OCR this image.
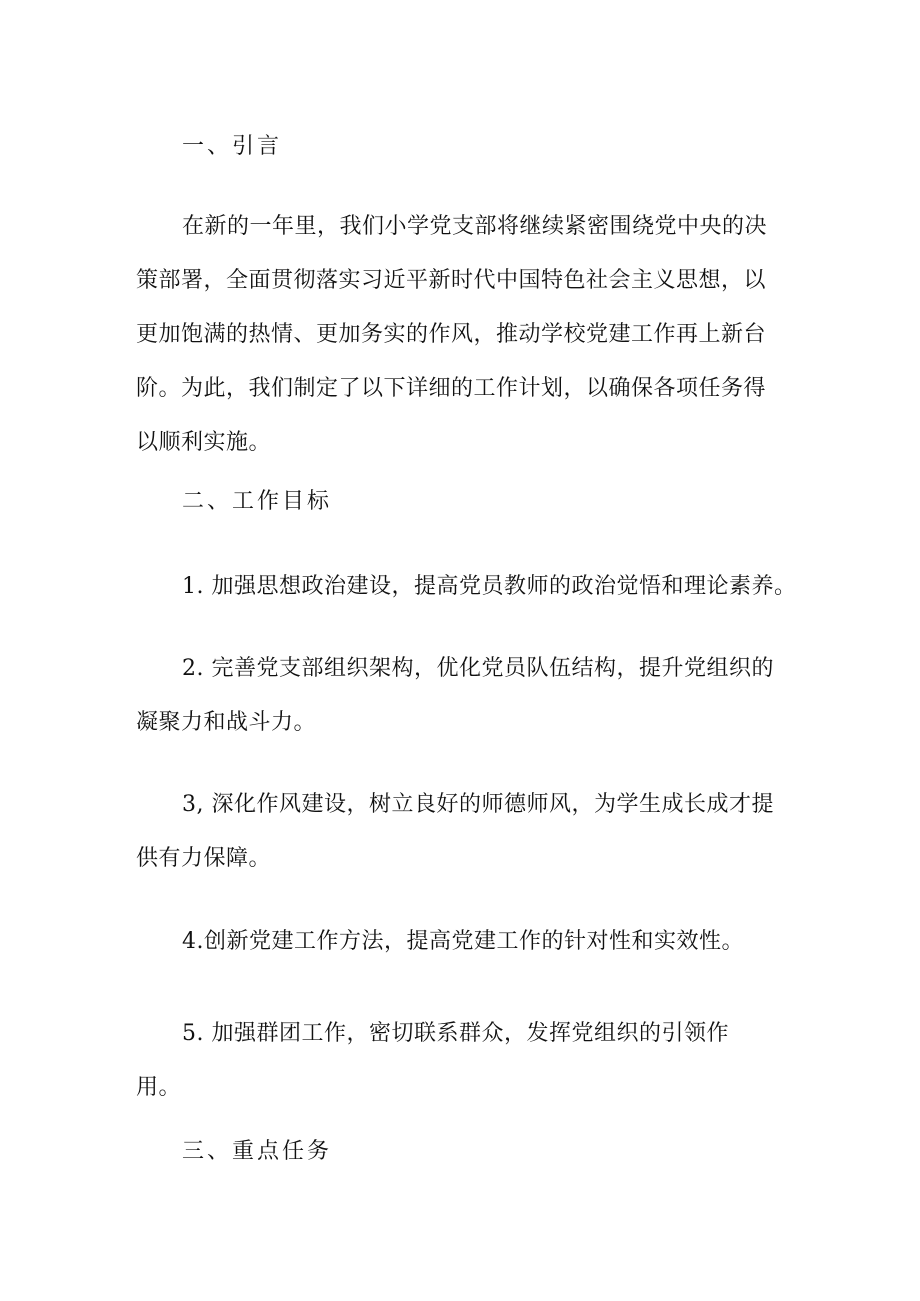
一、引言
在新的一年里，我们小学党支部将继续紧密围绕党中央的决
策部署，全面贯彻落实习近平新时代中国特色社会主义思想，以
更加饱满的热情、更加务实的作风，推动学校党建工作再上新台
阶。为此，我们制定了以下详细的工作计划，以确保各项任务得
以顺利实施。
二、工作目标
1. 加强思想政治建设，提高党员教师的政治觉悟和理论素养。
2. 完善党支部组织架构，优化党员队伍结构，提升党组织的
凝聚力和战斗力。
3, 深化作风建设，树立良好的师德师风，为学生成长成才提
供有力保障。
4.创新党建工作方法，提高党建工作的针对性和实效性。
5. 加强群团工作，密切联系群众，发挥党组织的引领作
用。
三、重点任务
